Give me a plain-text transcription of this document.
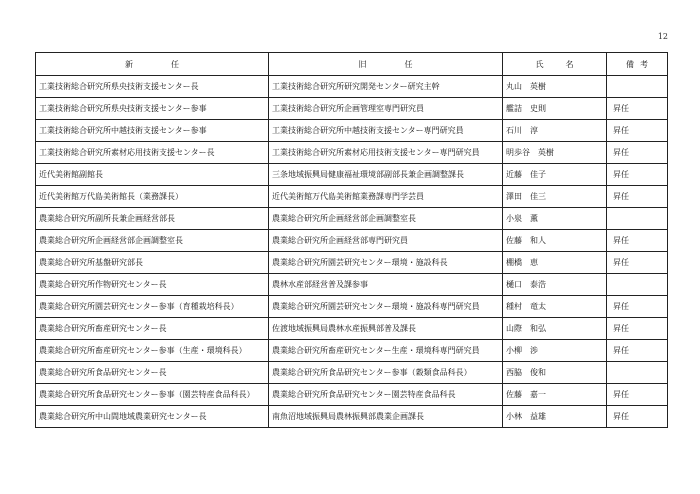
12
新任	旧任	氏名	備考
工業技術総合研究所県央技術支援センター長	工業技術総合研究所研究開発センター研究主幹	丸山　英樹	
工業技術総合研究所県央技術支援センター参事	工業技術総合研究所企画管理室専門研究員	艦詰　史則	昇任
工業技術総合研究所中越技術支援センター参事	工業技術総合研究所中越技術支援センター専門研究員	石川　淳	昇任
工業技術総合研究所素材応用技術支援センター長	工業技術総合研究所素材応用技術支援センター専門研究員	明歩谷　英樹	昇任
近代美術館副館長	三条地域振興局健康福祉環境部副部長兼企画調整課長	近藤　佳子	昇任
近代美術館万代島美術館長（業務課長）	近代美術館万代島美術館業務課専門学芸員	澤田　佳三	昇任
農業総合研究所副所長兼企画経営部長	農業総合研究所企画経営部企画調整室長	小泉　薫	
農業総合研究所企画経営部企画調整室長	農業総合研究所企画経営部専門研究員	佐藤　和人	昇任
農業総合研究所基盤研究部長	農業総合研究所園芸研究センター環境・施設科長	棚橋　恵	昇任
農業総合研究所作物研究センター長	農林水産部経営普及課参事	樋口　泰浩	
農業総合研究所園芸研究センター参事（育種栽培科長）	農業総合研究所園芸研究センター環境・施設科専門研究員	種村　竜太	昇任
農業総合研究所畜産研究センター長	佐渡地域振興局農林水産振興部普及課長	山際　和弘	昇任
農業総合研究所畜産研究センター参事（生産・環境科長）	農業総合研究所畜産研究センター生産・環境科専門研究員	小柳　渉	昇任
農業総合研究所食品研究センター長	農業総合研究所食品研究センター参事（穀類食品科長）	西脇　俊和	
農業総合研究所食品研究センター参事（園芸特産食品科長）	農業総合研究所食品研究センター園芸特産食品科長	佐藤　嘉一	昇任
農業総合研究所中山間地域農業研究センター長	南魚沼地域振興局農林振興部農業企画課長	小林　益雄	昇任
